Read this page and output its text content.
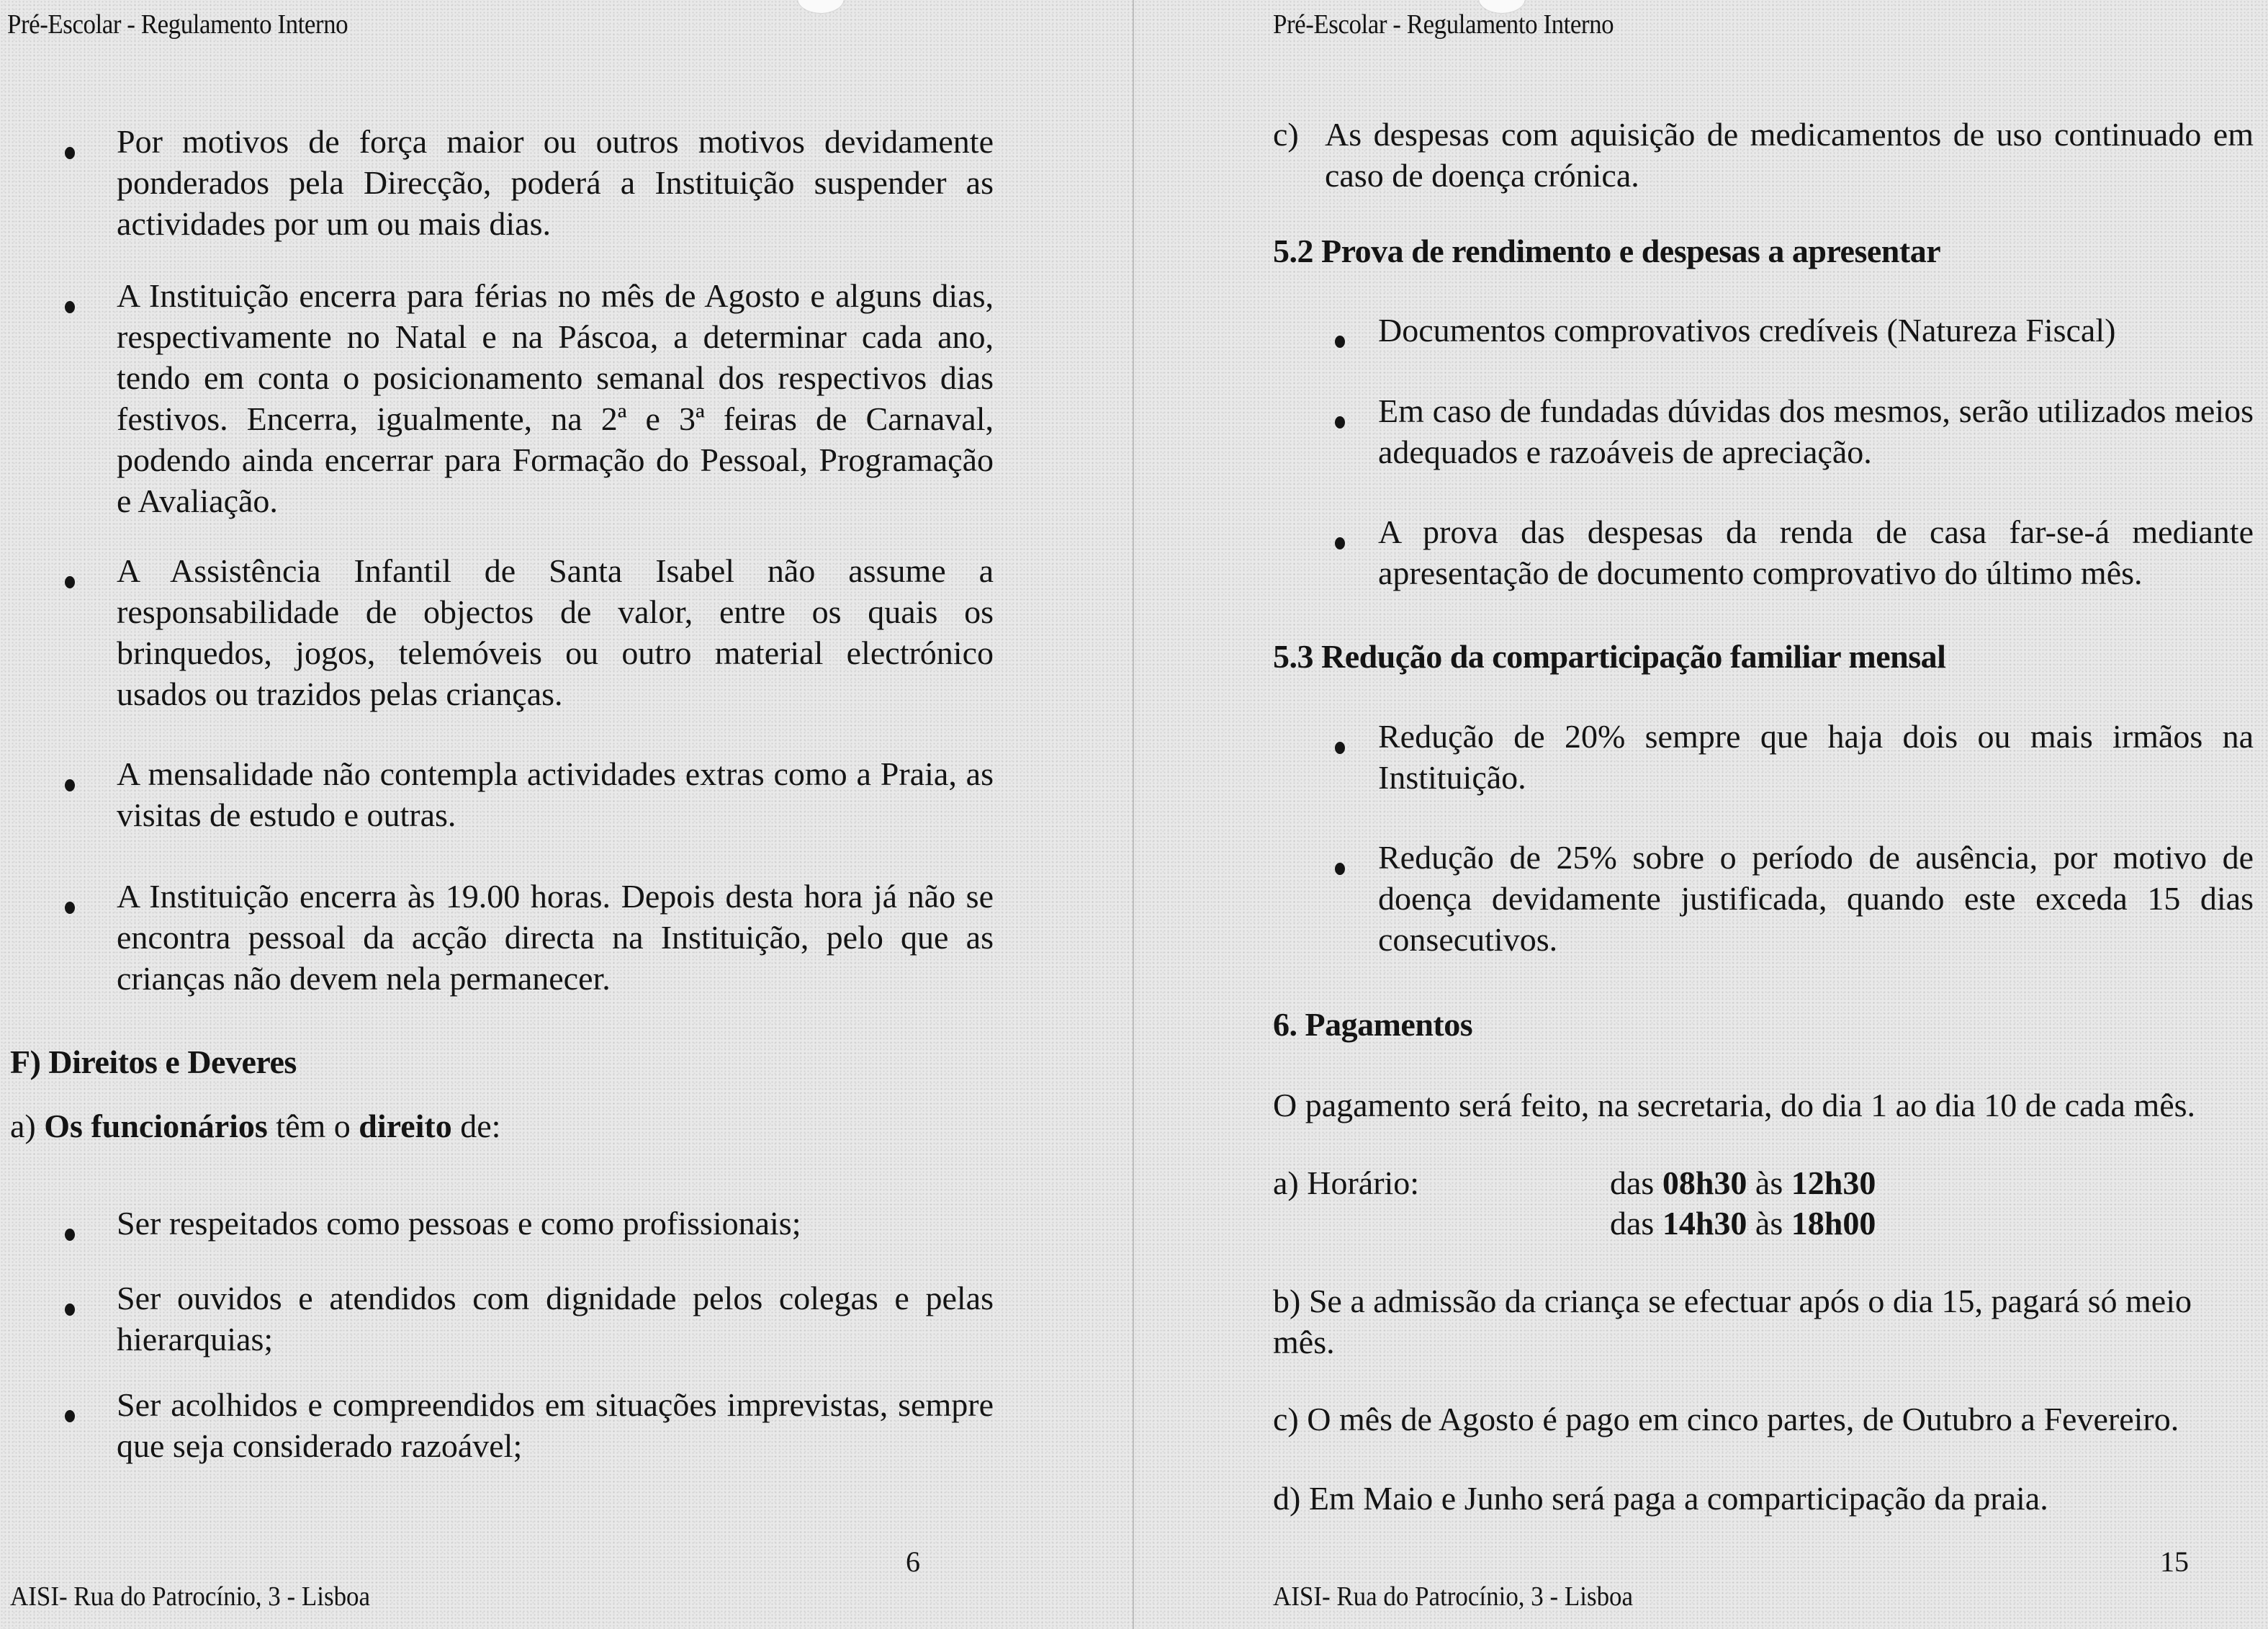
Pré-Escolar - Regulamento Interno
Por motivos de força maior ou outros motivos devidamente ponderados pela Direcção, poderá a Instituição suspender as actividades por um ou mais dias.
A Instituição encerra para férias no mês de Agosto e alguns dias, respectivamente no Natal e na Páscoa, a determinar cada ano, tendo em conta o posicionamento semanal dos respectivos dias festivos. Encerra, igualmente, na 2ª e 3ª feiras de Carnaval, podendo ainda encerrar para Formação do Pessoal, Programação e Avaliação.
A Assistência Infantil de Santa Isabel não assume a responsabilidade de objectos de valor, entre os quais os brinquedos, jogos, telemóveis ou outro material electrónico usados ou trazidos pelas crianças.
A mensalidade não contempla actividades extras como a Praia, as visitas de estudo e outras.
A Instituição encerra às 19.00 horas. Depois desta hora já não se encontra pessoal da acção directa na Instituição, pelo que as crianças não devem nela permanecer.
F) Direitos e Deveres
a) Os funcionários têm o direito de:
Ser respeitados como pessoas e como profissionais;
Ser ouvidos e atendidos com dignidade pelos colegas e pelas hierarquias;
Ser acolhidos e compreendidos em situações imprevistas, sempre que seja considerado razoável;
6
AISI- Rua do Patrocínio, 3 - Lisboa
Pré-Escolar - Regulamento Interno
c) As despesas com aquisição de medicamentos de uso continuado em caso de doença crónica.
5.2 Prova de rendimento e despesas a apresentar
Documentos comprovativos credíveis (Natureza Fiscal)
Em caso de fundadas dúvidas dos mesmos, serão utilizados meios adequados e razoáveis de apreciação.
A prova das despesas da renda de casa far-se-á mediante apresentação de documento comprovativo do último mês.
5.3 Redução da comparticipação familiar mensal
Redução de 20% sempre que haja dois ou mais irmãos na Instituição.
Redução de 25% sobre o período de ausência, por motivo de doença devidamente justificada, quando este exceda 15 dias consecutivos.
6. Pagamentos
O pagamento será feito, na secretaria, do dia 1 ao dia 10 de cada mês.
a) Horário:	das 08h30 às 12h30
das 14h30 às 18h00
b) Se a admissão da criança se efectuar após o dia 15, pagará só meio mês.
c) O mês de Agosto é pago em cinco partes, de Outubro a Fevereiro.
d) Em Maio e Junho será paga a comparticipação da praia.
15
AISI- Rua do Patrocínio, 3 - Lisboa
